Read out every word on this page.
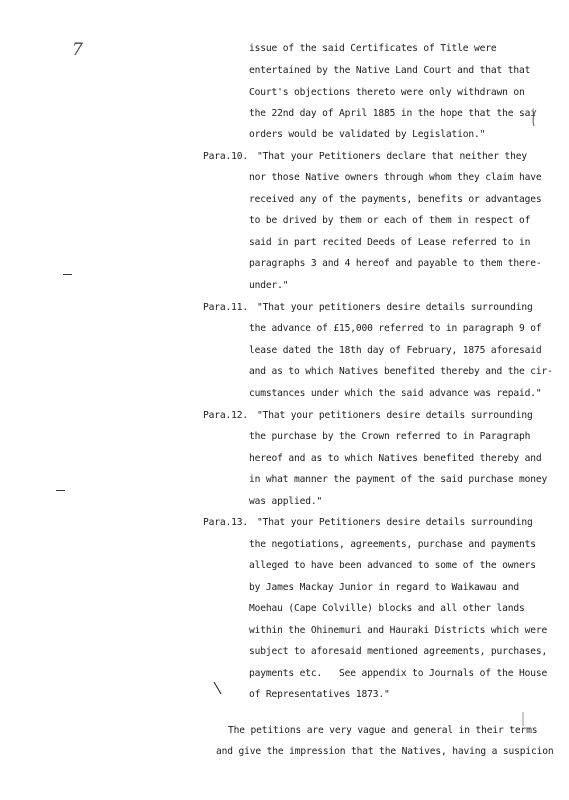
7	issue of the said Certificates of Title were
entertained by the Native Land Court and that that
Court's objections thereto were only withdrawn on
the 22nd day of April 1885 in the hope that the sai
orders would be validated by Legislation."
Para.10. "That your Petitioners declare that neither they
nor those Native owners through whom they claim have
received any of the payments, benefits or advantages
to be drived by them or each of them in respect of
said in part recited Deeds of Lease referred to in
paragraphs 3 and 4 hereof and payable to them there-
under."
Para.11. "That your petitioners desire details surrounding
the advance of £15,000 referred to in paragraph 9 of
lease dated the 18th day of February, 1875 aforesaid
and as to which Natives benefited thereby and the cir-
cumstances under which the said advance was repaid."
Para.12. "That your petitioners desire details surrounding
the purchase by the Crown referred to in Paragraph
hereof and as to which Natives benefited thereby and
in what manner the payment of the said purchase money
was applied."
Para.13. "That your Petitioners desire details surrounding
the negotiations, agreements, purchase and payments
alleged to have been advanced to some of the owners
by James Mackay Junior in regard to Waikawau and
Moehau (Cape Colville) blocks and all other lands
within the Ohinemuri and Hauraki Districts which were
subject to aforesaid mentioned agreements, purchases,
payments etc.   See appendix to Journals of the House
of Representatives 1873."
The petitions are very vague and general in their terms
and give the impression that the Natives, having a suspicion
